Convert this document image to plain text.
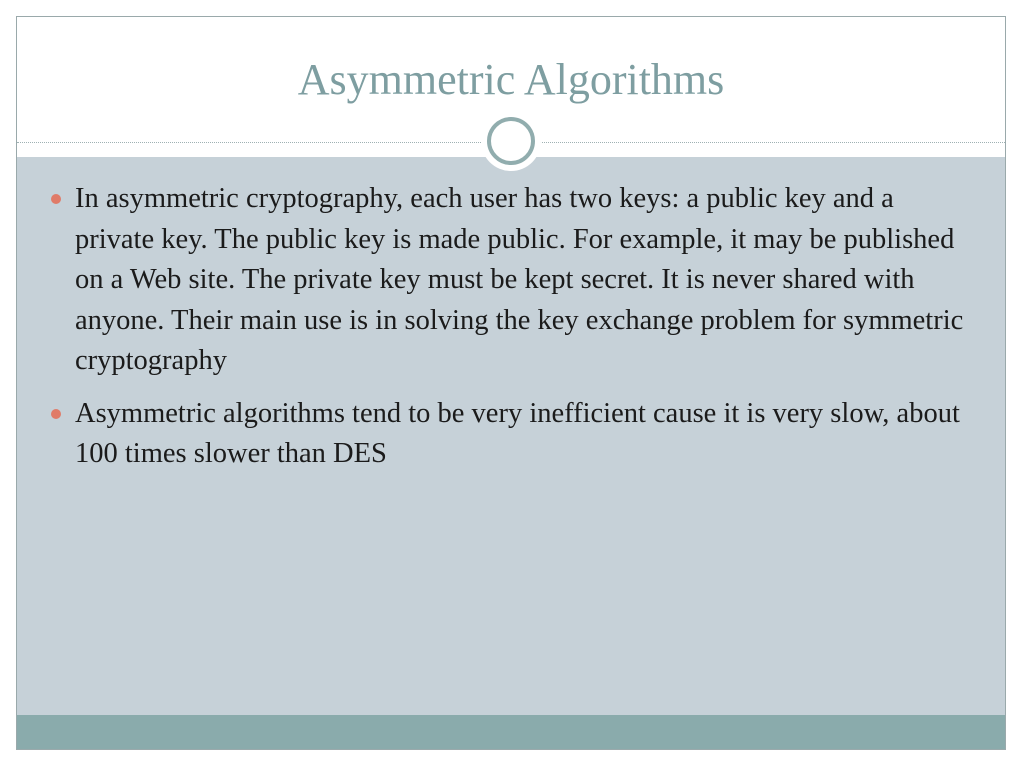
Asymmetric Algorithms
In asymmetric cryptography, each user has two keys: a public key and a private key. The public key is made public. For example, it may be published on a Web site. The private key must be kept secret. It is never shared with anyone. Their main use is in solving the key exchange problem for symmetric cryptography
Asymmetric algorithms tend to be very inefficient cause it is very slow, about 100 times slower than DES
